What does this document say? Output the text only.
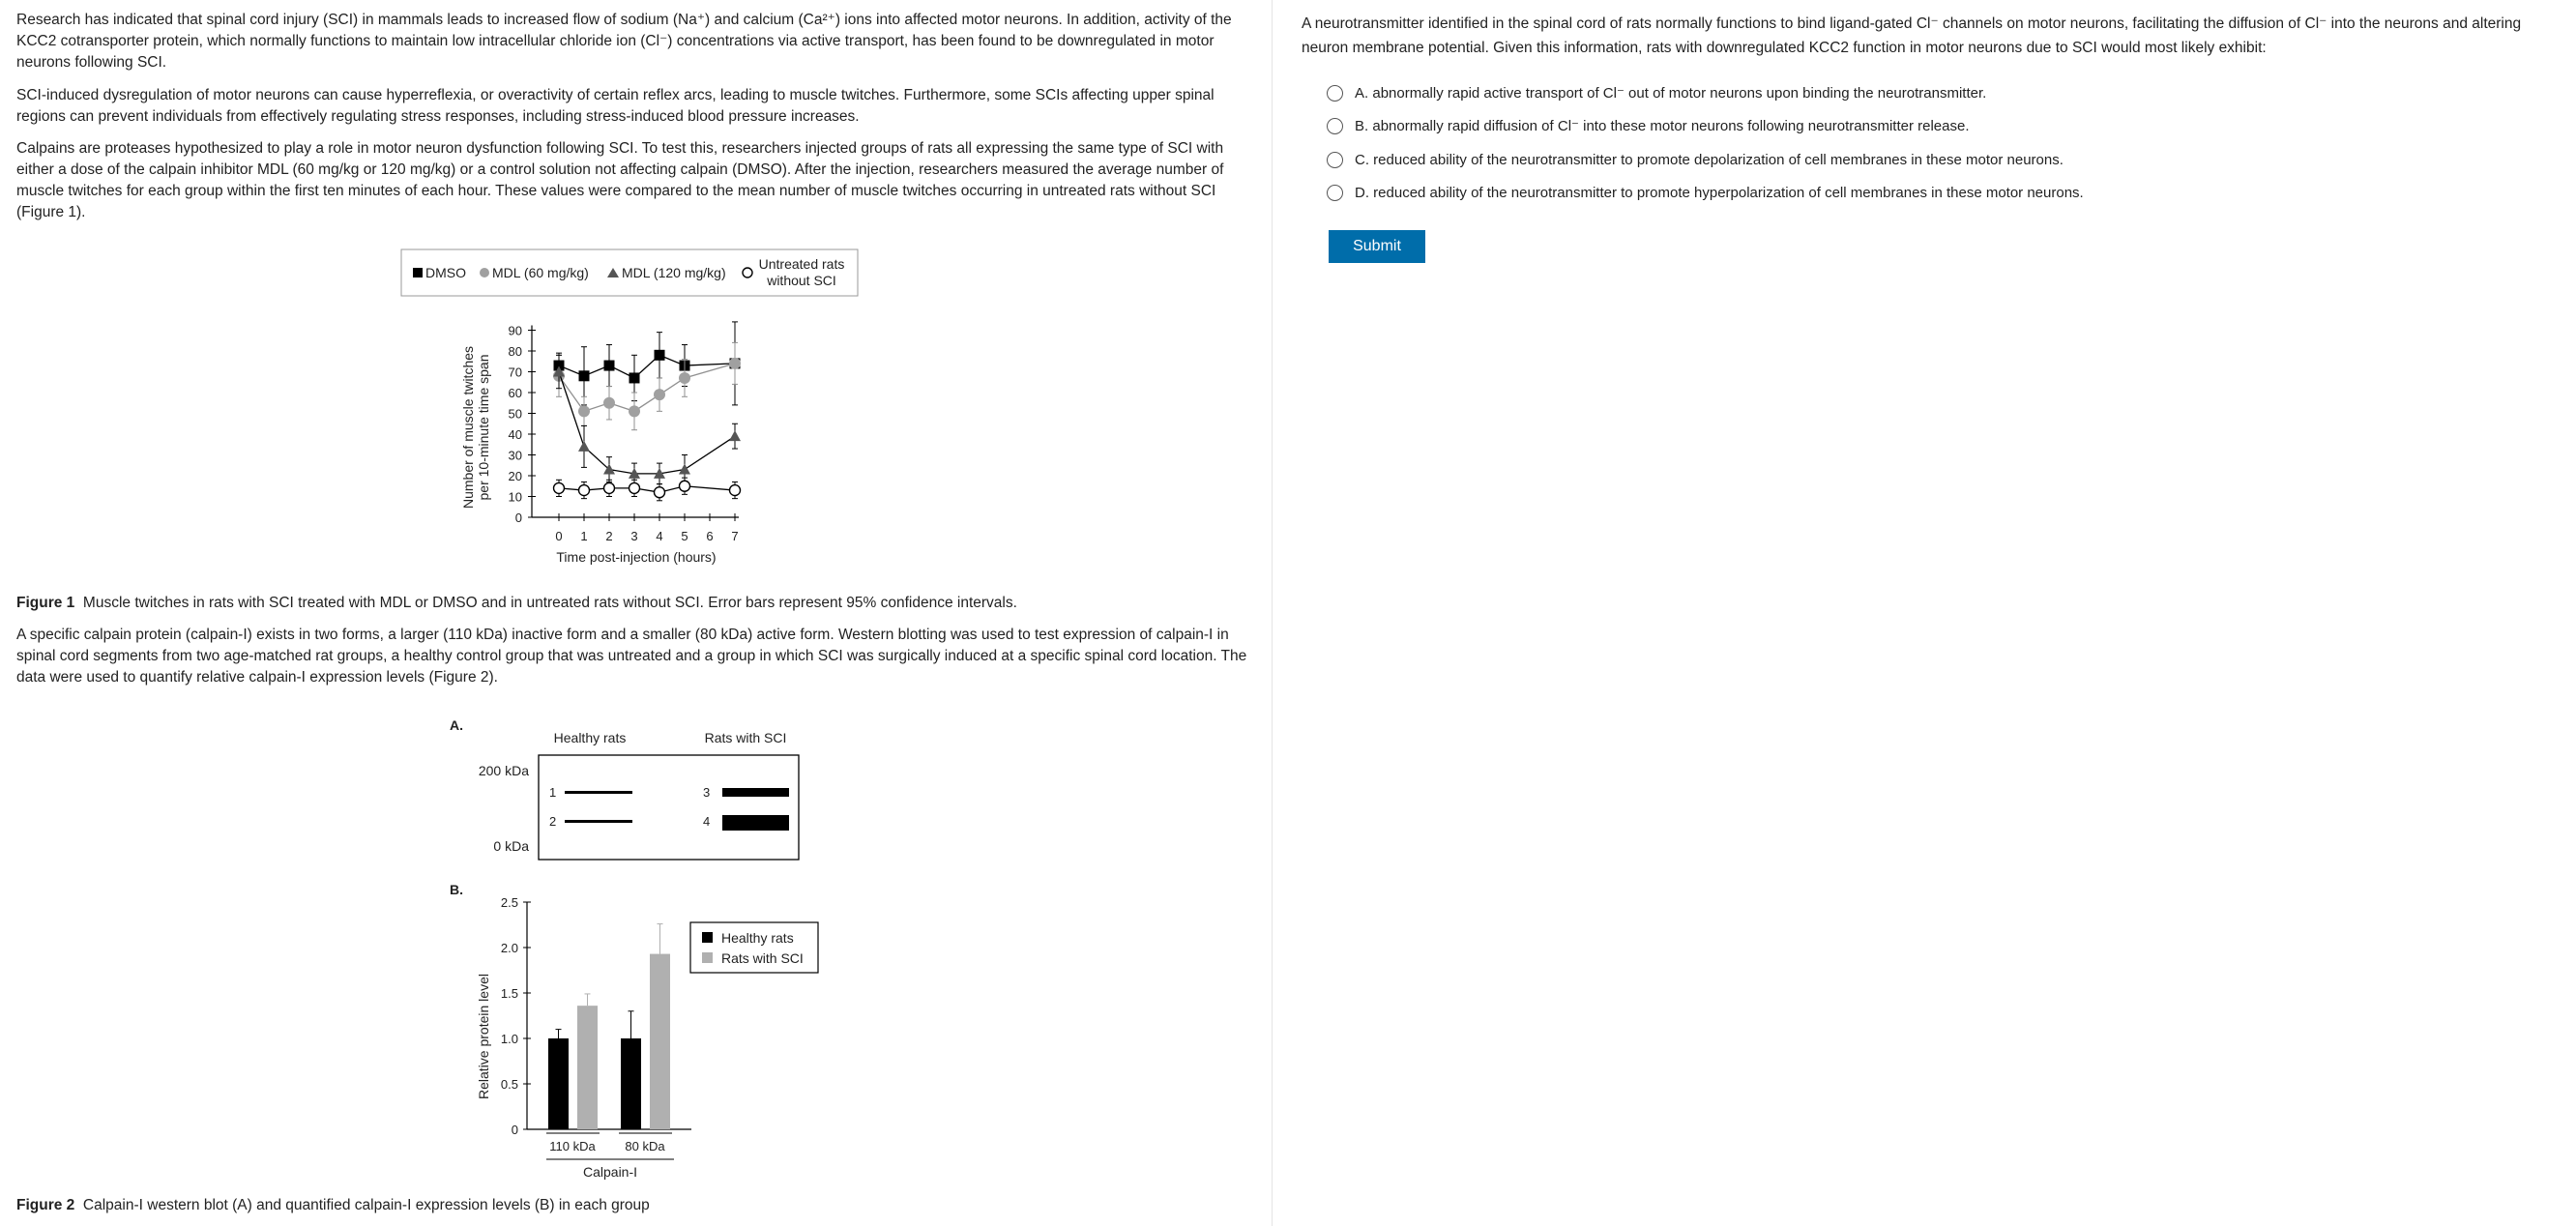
Research has indicated that spinal cord injury (SCI) in mammals leads to increased flow of sodium (Na⁺) and calcium (Ca²⁺) ions into affected motor neurons. In addition, activity of the KCC2 cotransporter protein, which normally functions to maintain low intracellular chloride ion (Cl⁻) concentrations via active transport, has been found to be downregulated in motor neurons following SCI.

SCI-induced dysregulation of motor neurons can cause hyperreflexia, or overactivity of certain reflex arcs, leading to muscle twitches. Furthermore, some SCIs affecting upper spinal regions can prevent individuals from effectively regulating stress responses, including stress-induced blood pressure increases.

Calpains are proteases hypothesized to play a role in motor neuron dysfunction following SCI. To test this, researchers injected groups of rats all expressing the same type of SCI with either a dose of the calpain inhibitor MDL (60 mg/kg or 120 mg/kg) or a control solution not affecting calpain (DMSO). After the injection, researchers measured the average number of muscle twitches for each group within the first ten minutes of each hour. These values were compared to the mean number of muscle twitches occurring in untreated rats without SCI (Figure 1).

DMSO MDL (60 mg/kg) MDL (120 mg/kg)
Untreated rats
without SCI
0
10
20
30
40
50
60
70
80
90
0 1 2 3 4 5 6 7
Number of muscle twitches per 10-minute time span
Time post-injection (hours)
Figure 1 Muscle twitches in rats with SCI treated with MDL or DMSO and in untreated rats without SCI. Error bars represent 95% confidence intervals.

A specific calpain protein (calpain-I) exists in two forms, a larger (110 kDa) inactive form and a smaller (80 kDa) active form. Western blotting was used to test expression of calpain-I in spinal cord segments from two age-matched rat groups, a healthy control group that was untreated and a group in which SCI was surgically induced at a specific spinal cord location. The data were used to quantify relative calpain-I expression levels (Figure 2).

A.
Healthy rats	Rats with SCI
200 kDa
0 kDa
1
2
3
4
B.
0
0.5
1.0
1.5
2.0
2.5
110 kDa 80 kDa
Relative protein level
Calpain-I
Healthy rats
Rats with SCI
Figure 2 Calpain-I western blot (A) and quantified calpain-I expression levels (B) in each group
A neurotransmitter identified in the spinal cord of rats normally functions to bind ligand-gated Cl⁻ channels on motor neurons, facilitating the diffusion of Cl⁻ into the neurons and altering neuron membrane potential. Given this information, rats with downregulated KCC2 function in motor neurons due to SCI would most likely exhibit:
A.
abnormally rapid active transport of Cl⁻ out of motor neurons upon binding the neurotransmitter.
B.
abnormally rapid diffusion of Cl⁻ into these motor neurons following neurotransmitter release.
C.
reduced ability of the neurotransmitter to promote depolarization of cell membranes in these motor neurons.
D.
reduced ability of the neurotransmitter to promote hyperpolarization of cell membranes in these motor neurons.
Submit
